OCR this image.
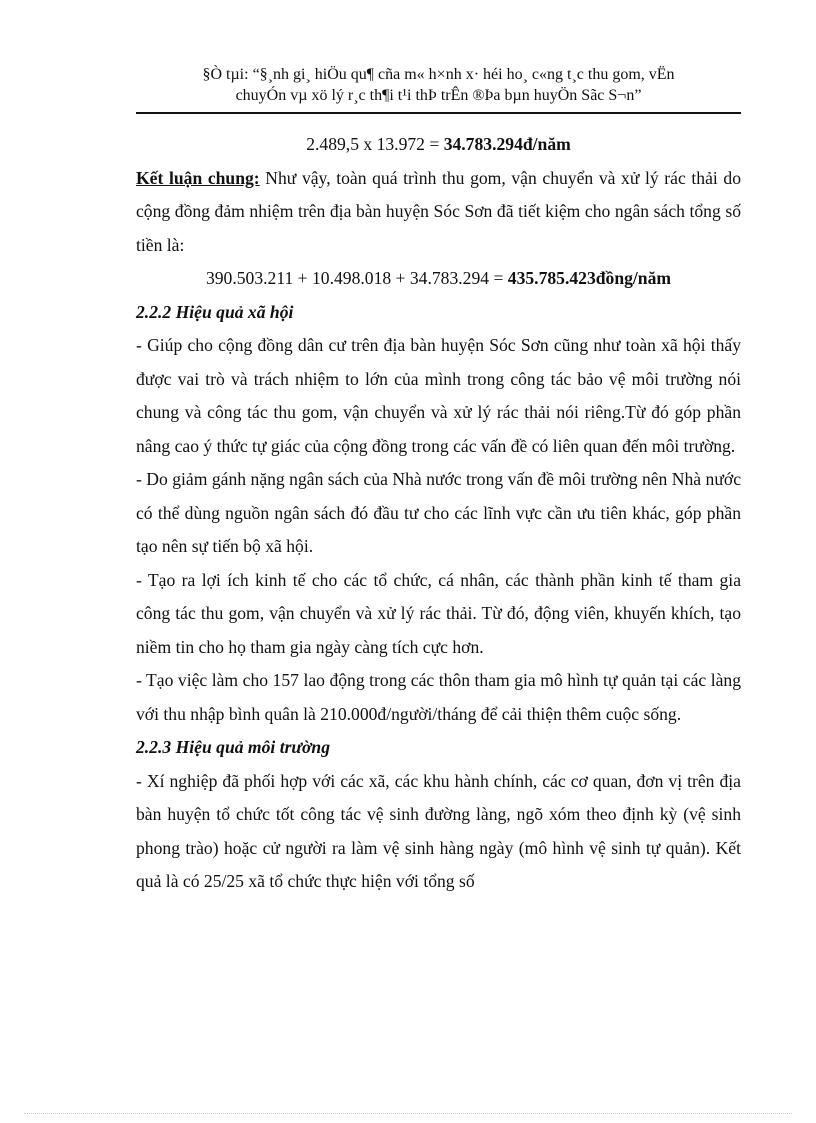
§Ò tµi: “§¸nh gi¸ hiÖu qu¶ cña m« h×nh x· héi ho¸ c«ng t¸c thu gom, vËn
chuyÓn vµ xö lý r¸c th¶i t¹i thÞ trÊn ®Þa bµn huyÖn Sãc S¬n”

2.489,5 x 13.972 = 34.783.294đ/năm

Kết luận chung: Như vậy, toàn quá trình thu gom, vận chuyển và xử lý rác thải do cộng đồng đảm nhiệm trên địa bàn huyện Sóc Sơn đã tiết kiệm cho ngân sách tổng số tiền là:

390.503.211 + 10.498.018 + 34.783.294 = 435.785.423đồng/năm

2.2.2 Hiệu quả xã hội

- Giúp cho cộng đồng dân cư trên địa bàn huyện Sóc Sơn cũng như toàn xã hội thấy được vai trò và trách nhiệm to lớn của mình trong công tác bảo vệ môi trường nói chung và công tác thu gom, vận chuyển và xử lý rác thải nói riêng.Từ đó góp phần nâng cao ý thức tự giác của cộng đồng trong các vấn đề có liên quan đến môi trường.

- Do giảm gánh nặng ngân sách của Nhà nước trong vấn đề môi trường nên Nhà nước có thể dùng nguồn ngân sách đó đầu tư cho các lĩnh vực cần ưu tiên khác, góp phần tạo nên sự tiến bộ xã hội.

- Tạo ra lợi ích kinh tế cho các tổ chức, cá nhân, các thành phần kinh tế tham gia công tác thu gom, vận chuyển và xử lý rác thải. Từ đó, động viên, khuyến khích, tạo niềm tin cho họ tham gia ngày càng tích cực hơn.

- Tạo việc làm cho 157 lao động trong các thôn tham gia mô hình tự quản tại các làng với thu nhập bình quân là 210.000đ/người/tháng để cải thiện thêm cuộc sống.

2.2.3 Hiệu quả môi trường

- Xí nghiệp đã phối hợp với các xã, các khu hành chính, các cơ quan, đơn vị trên địa bàn huyện tổ chức tốt công tác vệ sinh đường làng, ngõ xóm theo định kỳ (vệ sinh phong trào) hoặc cử người ra làm vệ sinh hàng ngày (mô hình vệ sinh tự quản). Kết quả là có 25/25 xã tổ chức thực hiện với tổng số
